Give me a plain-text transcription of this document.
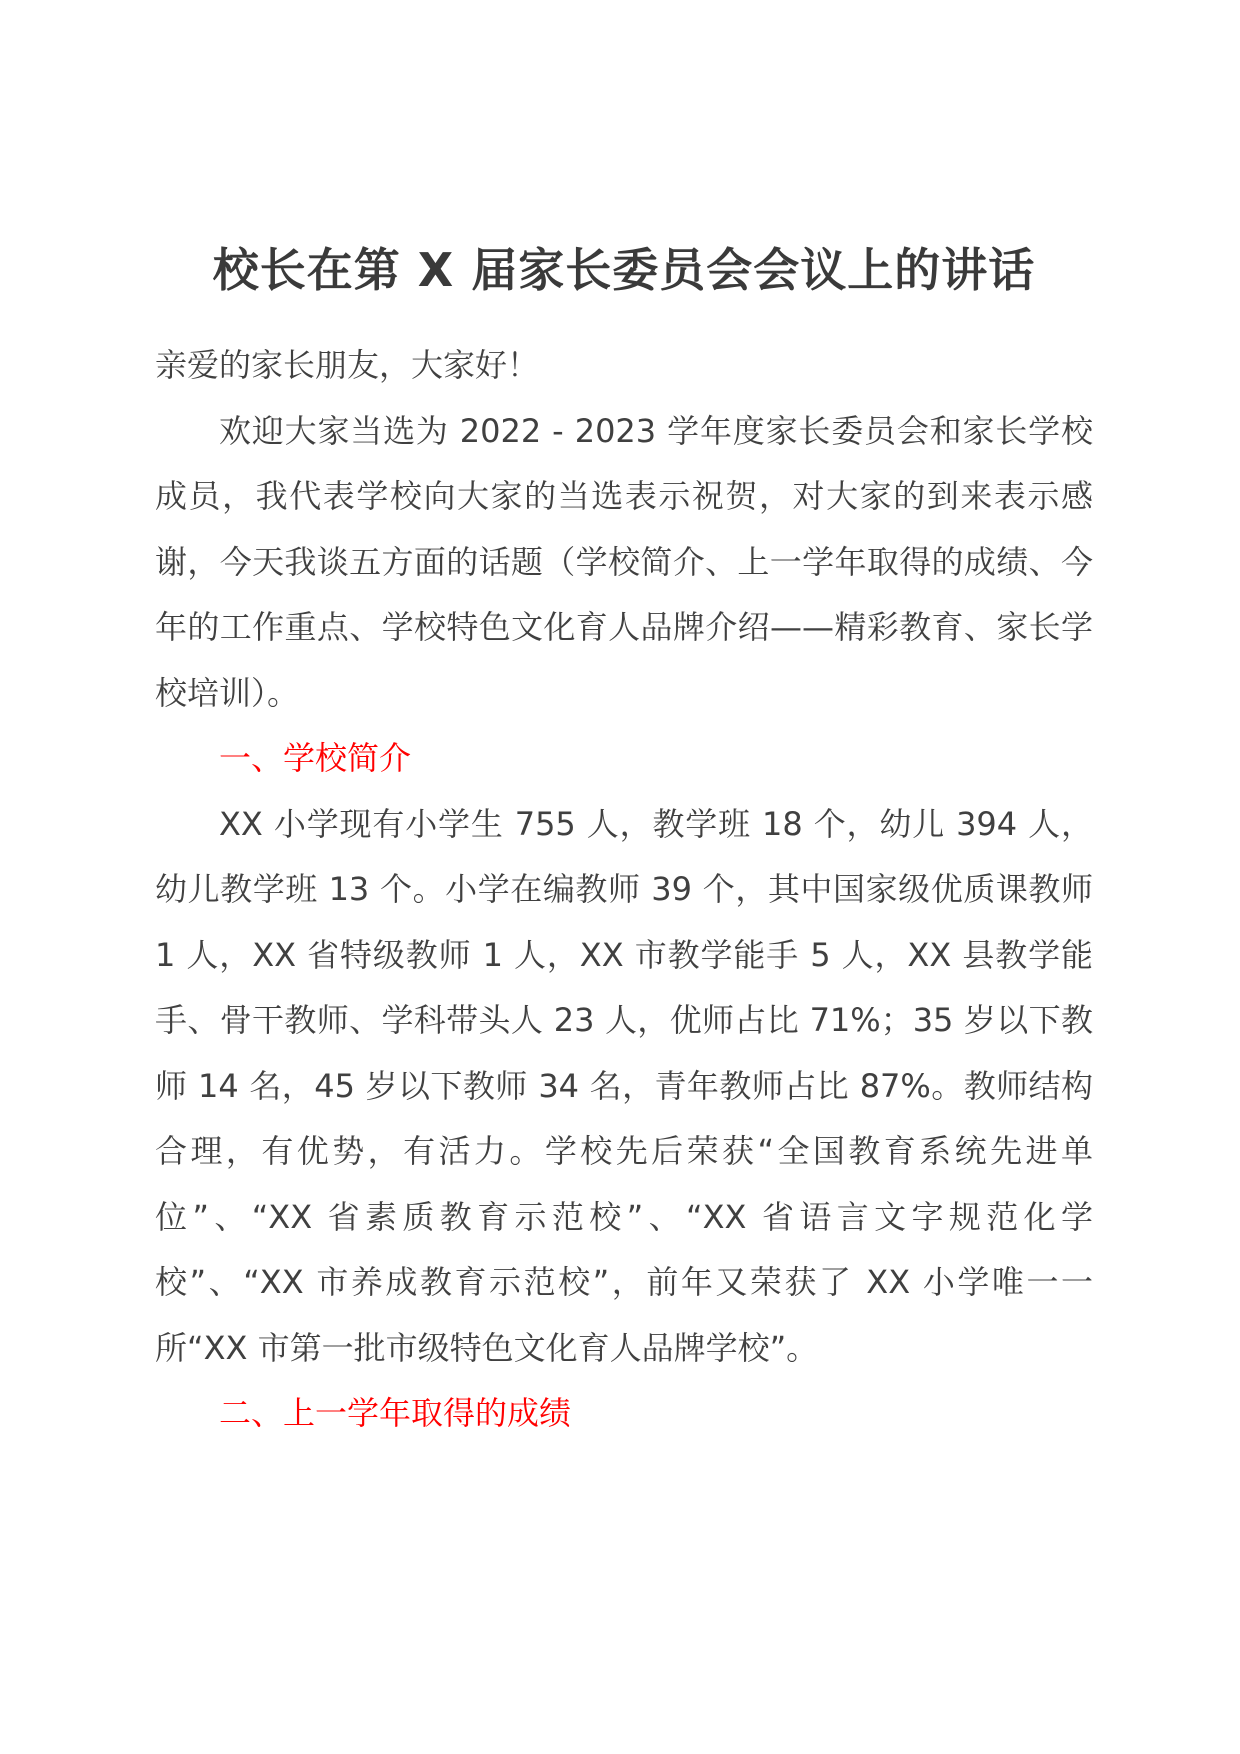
校长在第 X 届家长委员会会议上的讲话

亲爱的家长朋友，大家好！

欢迎大家当选为 2022 - 2023 学年度家长委员会和家长学校成员，我代表学校向大家的当选表示祝贺，对大家的到来表示感谢，今天我谈五方面的话题（学校简介、上一学年取得的成绩、今年的工作重点、学校特色文化育人品牌介绍——精彩教育、家长学校培训）。

一、学校简介

XX 小学现有小学生 755 人，教学班 18 个，幼儿 394 人，幼儿教学班 13 个。小学在编教师 39 个，其中国家级优质课教师 1 人，XX 省特级教师 1 人，XX 市教学能手 5 人，XX 县教学能手、骨干教师、学科带头人 23 人，优师占比 71%；35 岁以下教师 14 名，45 岁以下教师 34 名，青年教师占比 87%。教师结构合理，有优势，有活力。学校先后荣获“全国教育系统先进单位”、“XX 省素质教育示范校”、“XX 省语言文字规范化学校”、“XX 市养成教育示范校”，前年又荣获了 XX 小学唯一一所“XX 市第一批市级特色文化育人品牌学校”。

二、上一学年取得的成绩
